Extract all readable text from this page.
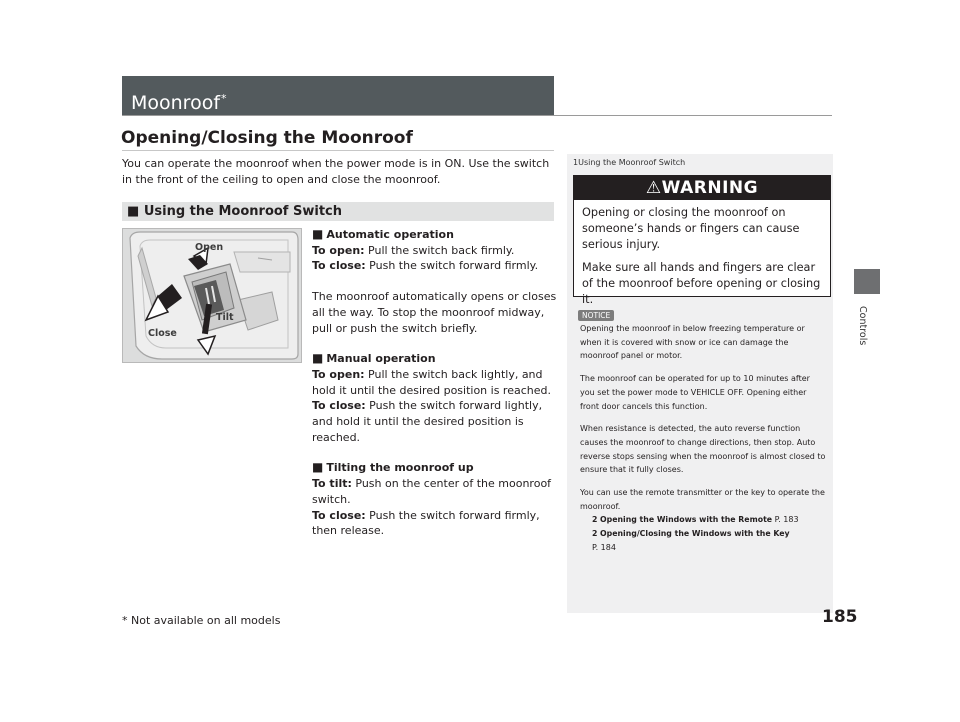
Moonroof*
Opening/Closing the Moonroof
You can operate the moonroof when the power mode is in ON. Use the switch in the front of the ceiling to open and close the moonroof.
■ Using the Moonroof Switch
Open
Tilt
Close

■ Automatic operation

To open: Pull the switch back firmly.

To close: Push the switch forward firmly.

The moonroof automatically opens or closes all the way. To stop the moonroof midway, pull or push the switch briefly.

■ Manual operation

To open: Pull the switch back lightly, and hold it until the desired position is reached.

To close: Push the switch forward lightly, and hold it until the desired position is reached.

■ Tilting the moonroof up

To tilt: Push on the center of the moonroof switch.

To close: Push the switch forward firmly, then release.

1Using the Moonroof Switch
⚠WARNING

Opening or closing the moonroof on someone’s hands or fingers can cause serious injury.

Make sure all hands and fingers are clear of the moonroof before opening or closing it.

NOTICE

Opening the moonroof in below freezing temperature or when it is covered with snow or ice can damage the moonroof panel or motor.

The moonroof can be operated for up to 10 minutes after you set the power mode to VEHICLE OFF. Opening either front door cancels this function.

When resistance is detected, the auto reverse function causes the moonroof to change directions, then stop. Auto reverse stops sensing when the moonroof is almost closed to ensure that it fully closes.

You can use the remote transmitter or the key to operate the moonroof.

2 Opening the Windows with the Remote P. 183

2 Opening/Closing the Windows with the Key

P. 184

Controls
185
* Not available on all models
